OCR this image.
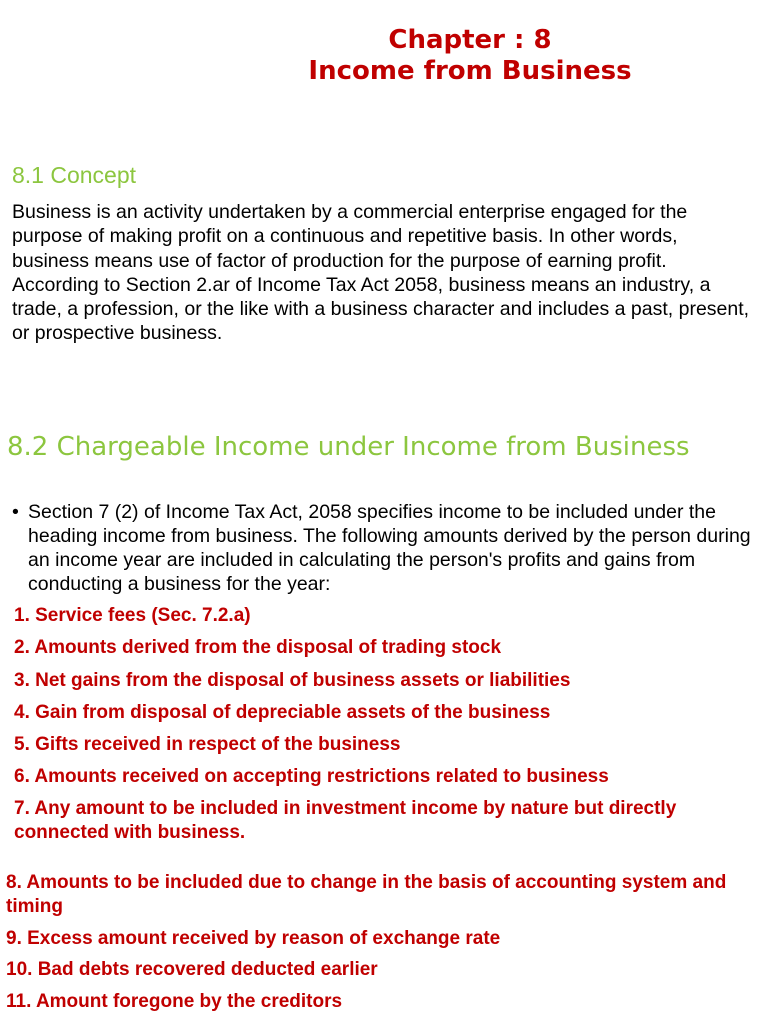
Chapter : 8
Income from Business
8.1 Concept

Business is an activity undertaken by a commercial enterprise engaged for the purpose of making profit on a continuous and repetitive basis. In other words, business means use of factor of production for the purpose of earning profit. According to Section 2.ar of Income Tax Act 2058, business means an industry, a trade, a profession, or the like with a business character and includes a past, present, or prospective business.

8.2 Chargeable Income under Income from Business

• Section 7 (2) of Income Tax Act, 2058 specifies income to be included under the heading income from business. The following amounts derived by the person during an income year are included in calculating the person's profits and gains from conducting a business for the year:

1. Service fees (Sec. 7.2.a)

2. Amounts derived from the disposal of trading stock

3. Net gains from the disposal of business assets or liabilities

4. Gain from disposal of depreciable assets of the business

5. Gifts received in respect of the business

6. Amounts received on accepting restrictions related to business

7. Any amount to be included in investment income by nature but directly connected with business.

8. Amounts to be included due to change in the basis of accounting system and timing

9. Excess amount received by reason of exchange rate

10. Bad debts recovered deducted earlier

11. Amount foregone by the creditors
